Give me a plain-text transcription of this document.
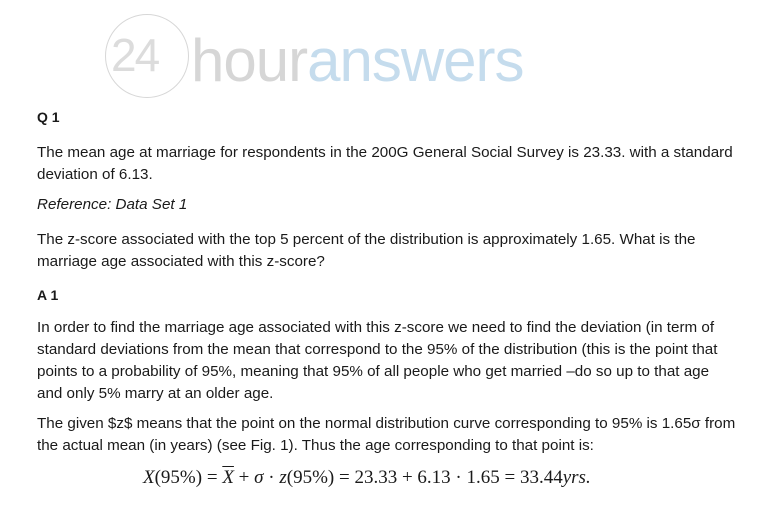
24 houranswers
Q 1
The mean age at marriage for respondents in the 200G General Social Survey is 23.33. with a standard deviation of 6.13.
Reference: Data Set 1
The z-score associated with the top 5 percent of the distribution is approximately 1.65. What is the marriage age associated with this z-score?
A 1
In order to find the marriage age associated with this z-score we need to find the deviation (in term of standard deviations from the mean that correspond to the 95% of the distribution (this is the point that points to a probability of 95%, meaning that 95% of all people who get married –do so up to that age and only 5% marry at an older age.
The given $z$ means that the point on the normal distribution curve corresponding to 95% is 1.65σ from the actual mean (in years) (see Fig. 1). Thus the age corresponding to that point is:
$X(95\%) = \overline{X} + \sigma \cdot z(95\%) = 23.33 + 6.13 \cdot 1.65 = 33.44yrs$.
